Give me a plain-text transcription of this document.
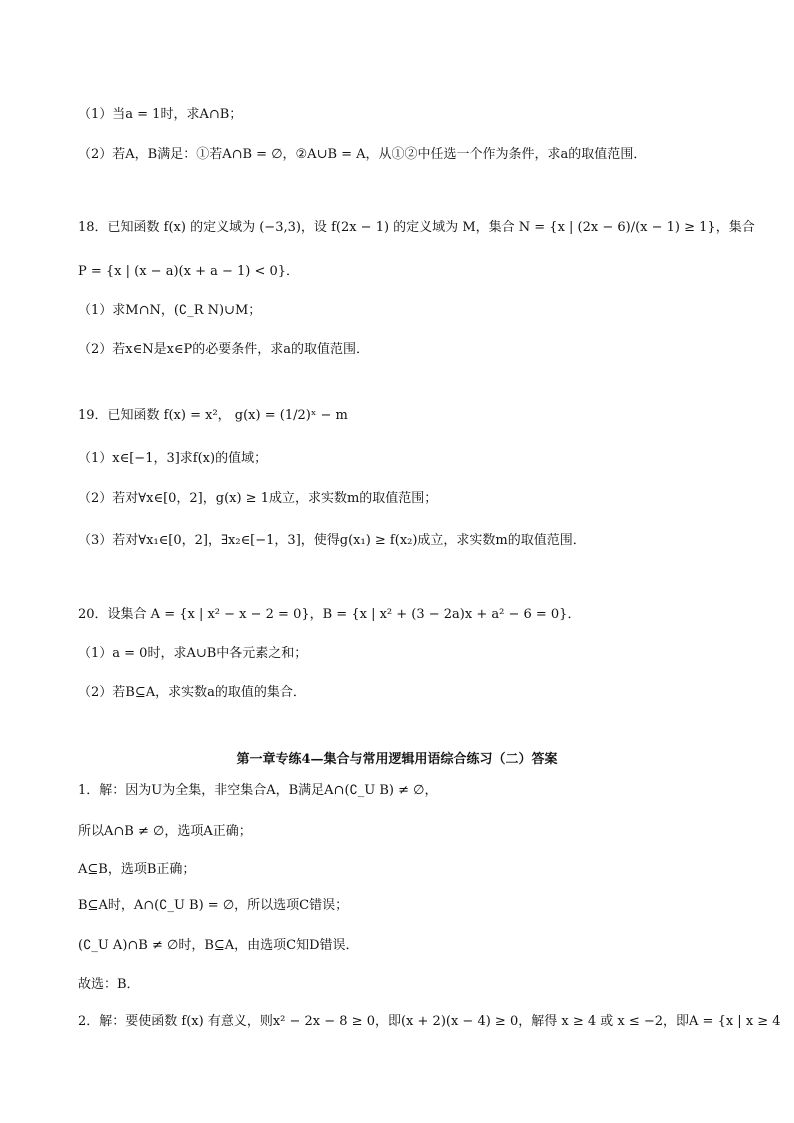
（1）当a = 1时，求A∩B；
（2）若A，B满足：①若A∩B = ∅，②A∪B = A，从①②中任选一个作为条件，求a的取值范围．
18．已知函数 f(x) 的定义域为 (−3,3)，设 f(2x − 1) 的定义域为 M，集合 N = {x | (2x − 6)/(x − 1) ≥ 1}，集合
P = {x | (x − a)(x + a − 1) < 0}．
（1）求M∩N，(∁_R N)∪M；
（2）若x∈N是x∈P的必要条件，求a的取值范围．
19．已知函数 f(x) = x²， g(x) = (1/2)ˣ − m
（1）x∈[−1，3]求f(x)的值域；
（2）若对∀x∈[0，2]，g(x) ≥ 1成立，求实数m的取值范围；
（3）若对∀x₁∈[0，2]，∃x₂∈[−1，3]，使得g(x₁) ≥ f(x₂)成立，求实数m的取值范围．
20．设集合 A = {x | x² − x − 2 = 0}，B = {x | x² + (3 − 2a)x + a² − 6 = 0}．
（1）a = 0时，求A∪B中各元素之和；
（2）若B⊆A，求实数a的取值的集合．
第一章专练4—集合与常用逻辑用语综合练习（二）答案
1．解：因为U为全集，非空集合A，B满足A∩(∁_U B) ≠ ∅，
所以A∩B ≠ ∅，选项A正确；
A⊆B，选项B正确；
B⊆A时，A∩(∁_U B) = ∅，所以选项C错误；
(∁_U A)∩B ≠ ∅时，B⊆A，由选项C知D错误．
故选：B．
2．解：要使函数 f(x) 有意义，则x² − 2x − 8 ≥ 0，即(x + 2)(x − 4) ≥ 0，解得 x ≥ 4 或 x ≤ −2，即A = {x | x ≥ 4
